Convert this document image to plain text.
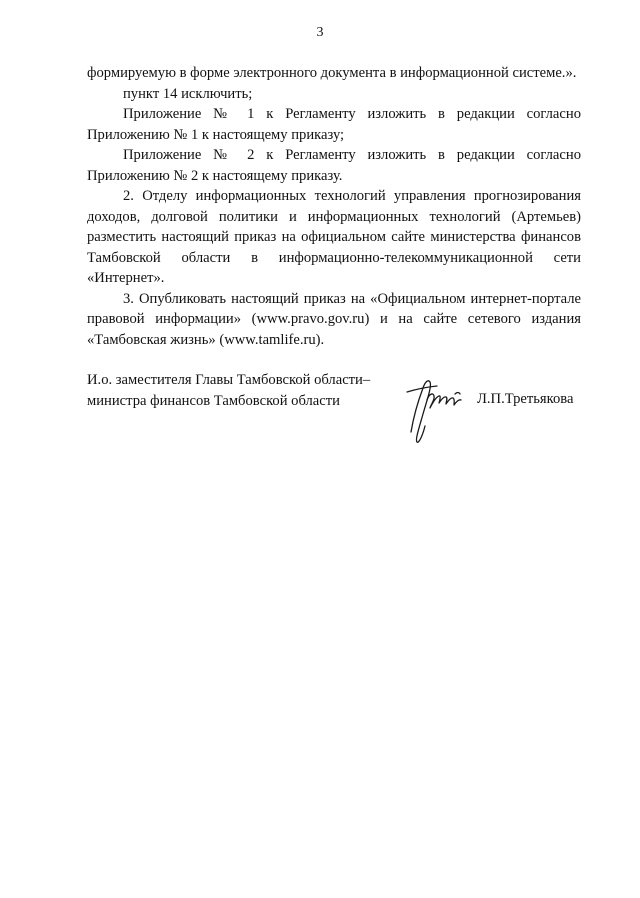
3

формируемую в форме электронного документа в информационной системе.».

пункт 14 исключить;

Приложение № 1 к Регламенту изложить в редакции согласно Приложению № 1 к настоящему приказу;

Приложение № 2 к Регламенту изложить в редакции согласно Приложению № 2 к настоящему приказу.

2. Отделу информационных технологий управления прогнозирования доходов, долговой политики и информационных технологий (Артемьев) разместить настоящий приказ на официальном сайте министерства финансов Тамбовской области в информационно-телекоммуникационной сети «Интернет».

3. Опубликовать настоящий приказ на «Официальном интернет-портале правовой информации» (www.pravo.gov.ru) и на сайте сетевого издания «Тамбовская жизнь» (www.tamlife.ru).

И.о. заместителя Главы Тамбовской области–
министра финансов Тамбовской области	Л.П.Третьякова
